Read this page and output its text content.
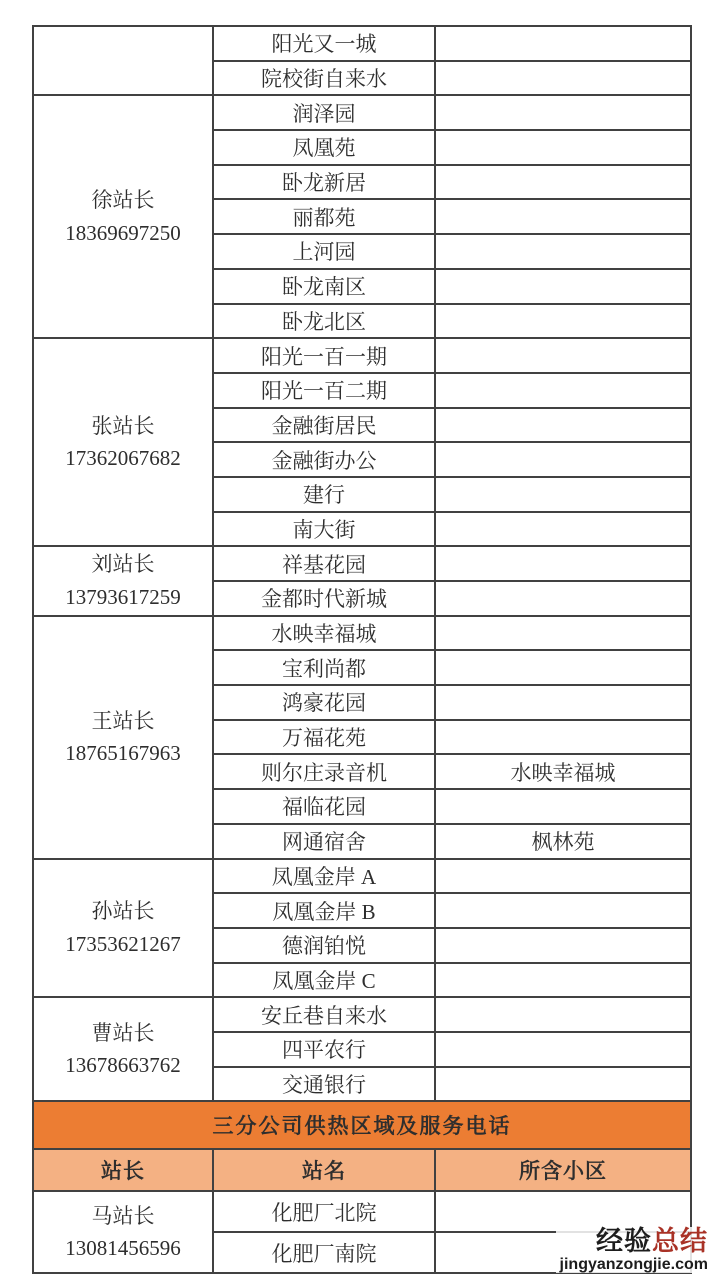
	阳光又一城	
	院校街自来水	

徐站长
18369697250	润泽园	
	凤凰苑	
	卧龙新居	
	丽都苑	
	上河园	
	卧龙南区	
	卧龙北区	

张站长
17362067682	阳光一百一期	
	阳光一百二期	
	金融街居民	
	金融街办公	
	建行	
	南大街	

刘站长
13793617259	祥基花园	
	金都时代新城	

王站长
18765167963	水映幸福城	
	宝利尚都	
	鸿豪花园	
	万福花苑	
	则尔庄录音机	水映幸福城
	福临花园	
	网通宿舍	枫林苑

孙站长
17353621267	凤凰金岸 A	
	凤凰金岸 B	
	德润铂悦	
	凤凰金岸 C	

曹站长
13678663762	安丘巷自来水	
	四平农行	
	交通银行	
三分公司供热区域及服务电话		
站长	站名	所含小区

马站长
13081456596	化肥厂北院	
	化肥厂南院		经验总结
jingyanzongjie.com
